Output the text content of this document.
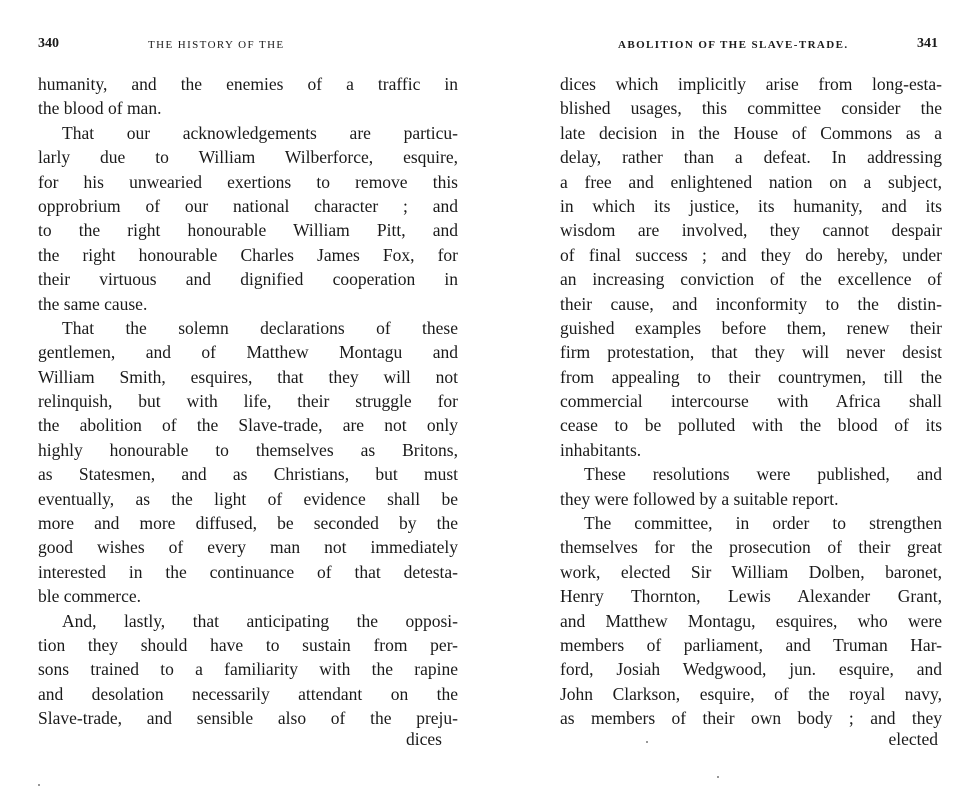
340	THE HISTORY OF THE
humanity, and the enemies of a traffic in
the blood of man.
That our acknowledgements are particu-
larly due to William Wilberforce, esquire,
for his unwearied exertions to remove this
opprobrium of our national character ; and
to the right honourable William Pitt, and
the right honourable Charles James Fox, for
their virtuous and dignified cooperation in
the same cause.
That the solemn declarations of these
gentlemen, and of Matthew Montagu and
William Smith, esquires, that they will not
relinquish, but with life, their struggle for
the abolition of the Slave-trade, are not only
highly honourable to themselves as Britons,
as Statesmen, and as Christians, but must
eventually, as the light of evidence shall be
more and more diffused, be seconded by the
good wishes of every man not immediately
interested in the continuance of that detesta-
ble commerce.
And, lastly, that anticipating the opposi-
tion they should have to sustain from per-
sons trained to a familiarity with the rapine
and desolation necessarily attendant on the
Slave-trade, and sensible also of the preju-
dices
ABOLITION OF THE SLAVE-TRADE.	341
dices which implicitly arise from long-esta-
blished usages, this committee consider the
late decision in the House of Commons as a
delay, rather than a defeat. In addressing
a free and enlightened nation on a subject,
in which its justice, its humanity, and its
wisdom are involved, they cannot despair
of final success ; and they do hereby, under
an increasing conviction of the excellence of
their cause, and inconformity to the distin-
guished examples before them, renew their
firm protestation, that they will never desist
from appealing to their countrymen, till the
commercial intercourse with Africa shall
cease to be polluted with the blood of its
inhabitants.
These resolutions were published, and
they were followed by a suitable report.
The committee, in order to strengthen
themselves for the prosecution of their great
work, elected Sir William Dolben, baronet,
Henry Thornton, Lewis Alexander Grant,
and Matthew Montagu, esquires, who were
members of parliament, and Truman Har-
ford, Josiah Wedgwood, jun. esquire, and
John Clarkson, esquire, of the royal navy,
as members of their own body ; and they
elected
